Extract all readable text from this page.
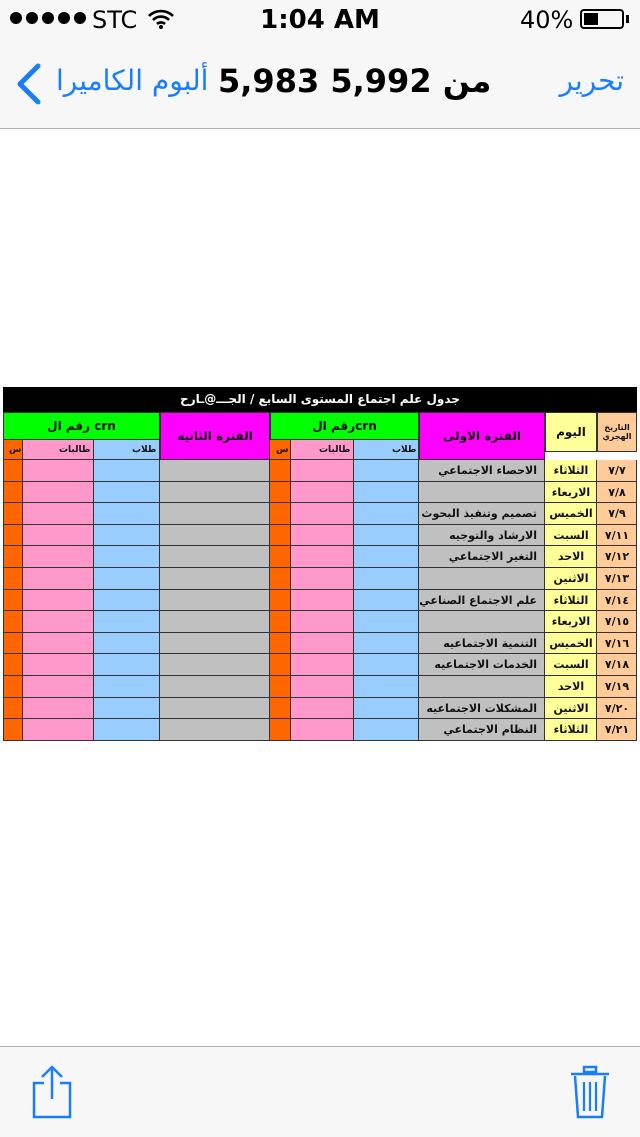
STC	1:04 AM	40%
ألبوم الكاميرا 5,983 من 5,992 تحرير
جدول علم اجتماع المستوى السابع / الجـــ@ـارح
التاريخ الهجري
اليوم
الفترة الاولى
رقم الcrn
الفترة الثانيه
رقم ال crn
طلاب
طالبات
س
طلاب
طالبات
س
٧/٧
الثلاثاء
الاحصاء الاجتماعي
٧/٨
الاربعاء
٧/٩
الخميس
تصميم وتنفيذ البحوث
٧/١١
السبت
الارشاد والتوجيه
٧/١٢
الاحد
التغير الاجتماعي
٧/١٣
الاثنين
٧/١٤
الثلاثاء
علم الاجتماع الصناعي
٧/١٥
الاربعاء
٧/١٦
الخميس
التنمية الاجتماعيه
٧/١٨
السبت
الخدمات الاجتماعيه
٧/١٩
الاحد
٧/٢٠
الاثنين
المشكلات الاجتماعيه
٧/٢١
الثلاثاء
النظام الاجتماعي
